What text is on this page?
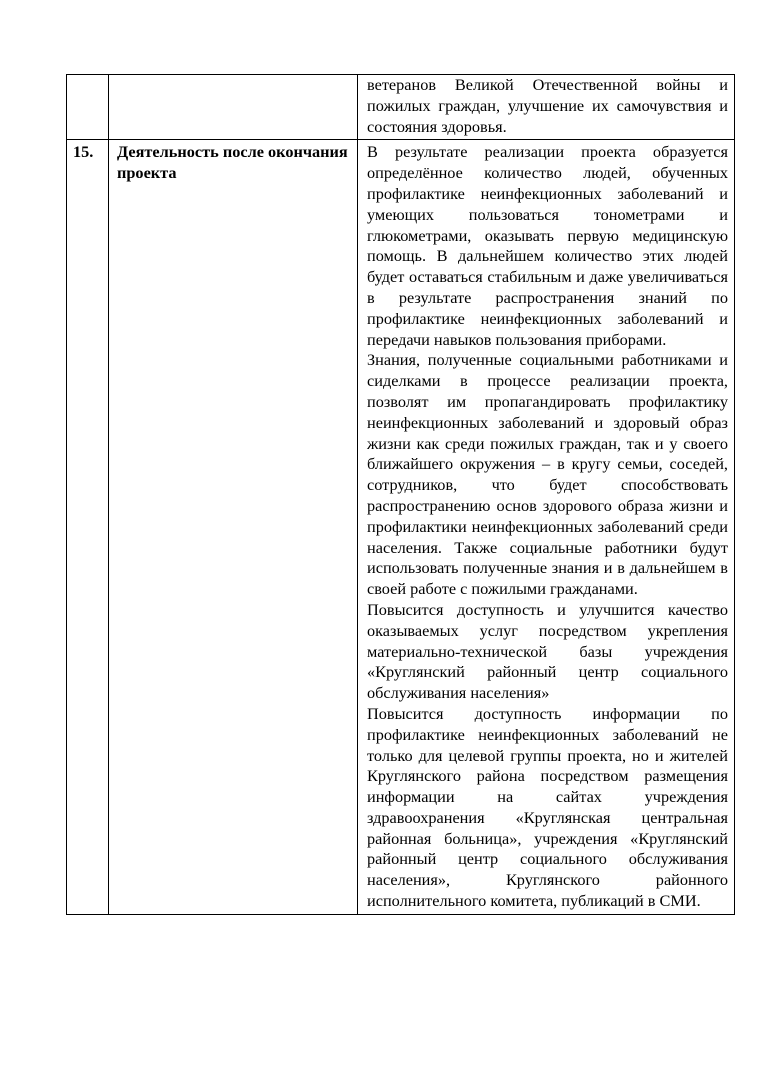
		ветеранов Великой Отечественной войны и пожилых граждан, улучшение их самочувствия и состояния здоровья.

15.	Деятельность после окончания проекта	В результате реализации проекта образуется определённое количество людей, обученных профилактике неинфекционных заболеваний и умеющих пользоваться тонометрами и глюкометрами, оказывать первую медицинскую помощь. В дальнейшем количество этих людей будет оставаться стабильным и даже увеличиваться в результате распространения знаний по профилактике неинфекционных заболеваний и передачи навыков пользования приборами.

Знания, полученные социальными работниками и сиделками в процессе реализации проекта, позволят им пропагандировать профилактику неинфекционных заболеваний и здоровый образ жизни как среди пожилых граждан, так и у своего ближайшего окружения – в кругу семьи, соседей, сотрудников, что будет способствовать распространению основ здорового образа жизни и профилактики неинфекционных заболеваний среди населения. Также социальные работники будут использовать полученные знания и в дальнейшем в своей работе с пожилыми гражданами.

Повысится доступность и улучшится качество оказываемых услуг посредством укрепления материально-технической базы учреждения «Круглянский районный центр социального обслуживания населения»

Повысится доступность информации по профилактике неинфекционных заболеваний не только для целевой группы проекта, но и жителей Круглянского района посредством размещения информации на сайтах учреждения здравоохранения «Круглянская центральная районная больница», учреждения «Круглянский районный центр социального обслуживания населения», Круглянского районного исполнительного комитета, публикаций в СМИ.
